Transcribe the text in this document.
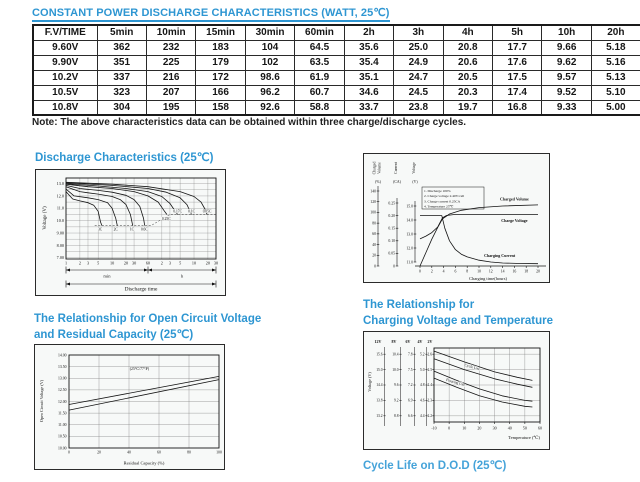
CONSTANT POWER DISCHARGE CHARACTERISTICS (WATT, 25℃)
F.V/TIME	5min	10min	15min	30min	60min	2h	3h	4h	5h	10h	20h
9.60V	362	232	183	104	64.5	35.6	25.0	20.8	17.7	9.66	5.18
9.90V	351	225	179	102	63.5	35.4	24.9	20.6	17.6	9.62	5.16
10.2V	337	216	172	98.6	61.9	35.1	24.7	20.5	17.5	9.57	5.13
10.5V	323	207	166	96.2	60.7	34.6	24.5	20.3	17.4	9.52	5.10
10.8V	304	195	158	92.6	58.8	33.7	23.8	19.7	16.8	9.33	5.00
Note: The above characteristics data can be obtained within three charge/discharge cycles.
Discharge Characteristics (25℃)
13.0
12.0
11.0
10.0
9.00
8.00
7.00
1	2 3 5	10 20 30 60	2 3 5	10 20 30
3C	2C	1C 0.6C
0.25C
0.17C 0.1C 0.05C
min	h
Discharge time
Voltage (V)
0
20
40
60
80
100
120
140
(%)
Charged Volume
0
0.05
0.10
0.15
0.20
0.25
(CA)
Current
11.0
12.0
13.0
14.0
15.0
(V)
Voltage
0	2	4	6	8 10 12 14 16 18 20
Charging time(hours)
1. Discharge 100%
2. Charge voltage 2.40V/cell
3. Charge current 0.25CA
4. Temperature 25℃
Charged Volume
Charge Voltage
Charging Current
The Relationship for
Charging Voltage and Temperature
12V
15.6
15.0
14.4
13.8
13.2
8V
10.4
10.0
9.6
9.2
8.8
6V
7.8
7.5
7.2
6.9
6.6
4V
5.2
5.0
4.8
4.6
4.4
2V
2.6
2.5
2.4
2.3
2.2
Cycle Use
Floating Use
-10	0	10	20	30	40	50	60
Temperature (℃)
Voltage (V)
The Relationship for Open Circuit Voltage
and Residual Capacity (25℃)
14.00
13.50
13.00
12.50
12.00
11.50
11.00
10.50
10.00
0	20	40	60	80	100
(25℃/77℉)
Residual Capacity (%)
Open Circuit Voltage (V)
Cycle Life on D.O.D (25℃)
